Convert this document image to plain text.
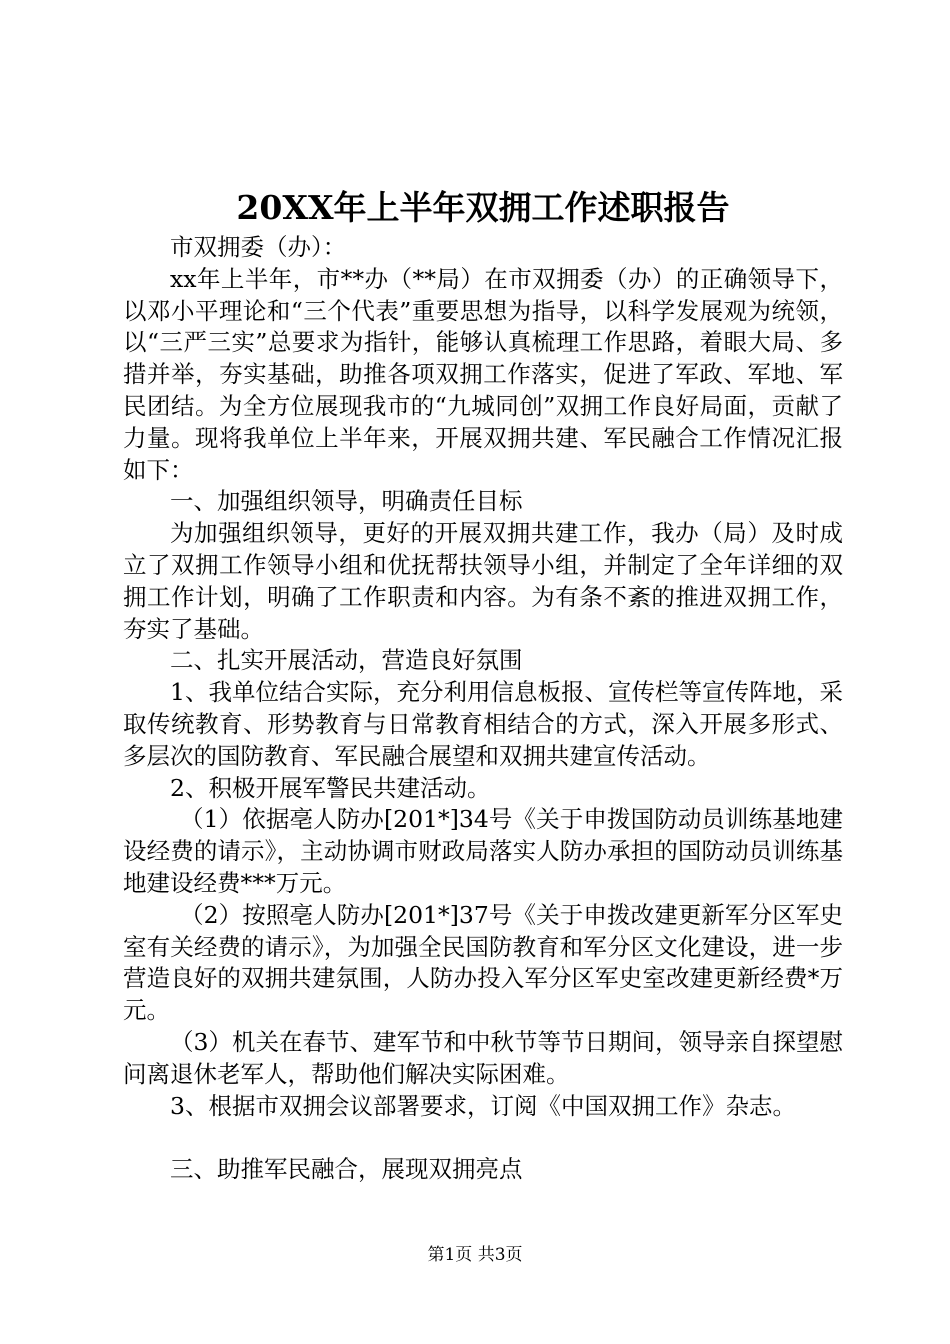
20XX年上半年双拥工作述职报告

市双拥委（办）：

xx年上半年，市**办（**局）在市双拥委（办）的正确领导下，以邓小平理论和“三个代表”重要思想为指导，以科学发展观为统领，以“三严三实”总要求为指针，能够认真梳理工作思路，着眼大局、多措并举，夯实基础，助推各项双拥工作落实，促进了军政、军地、军民团结。为全方位展现我市的“九城同创”双拥工作良好局面，贡献了力量。现将我单位上半年来，开展双拥共建、军民融合工作情况汇报如下：

一、加强组织领导，明确责任目标

为加强组织领导，更好的开展双拥共建工作，我办（局）及时成立了双拥工作领导小组和优抚帮扶领导小组，并制定了全年详细的双拥工作计划，明确了工作职责和内容。为有条不紊的推进双拥工作，夯实了基础。

二、扎实开展活动，营造良好氛围

1、我单位结合实际，充分利用信息板报、宣传栏等宣传阵地，采取传统教育、形势教育与日常教育相结合的方式，深入开展多形式、多层次的国防教育、军民融合展望和双拥共建宣传活动。

2、积极开展军警民共建活动。

（1）依据亳人防办[201*]34号《关于申拨国防动员训练基地建设经费的请示》，主动协调市财政局落实人防办承担的国防动员训练基地建设经费***万元。

（2）按照亳人防办[201*]37号《关于申拨改建更新军分区军史室有关经费的请示》，为加强全民国防教育和军分区文化建设，进一步营造良好的双拥共建氛围，人防办投入军分区军史室改建更新经费*万元。

（3）机关在春节、建军节和中秋节等节日期间，领导亲自探望慰问离退休老军人，帮助他们解决实际困难。

3、根据市双拥会议部署要求，订阅《中国双拥工作》杂志。

三、助推军民融合，展现双拥亮点

第1页 共3页
